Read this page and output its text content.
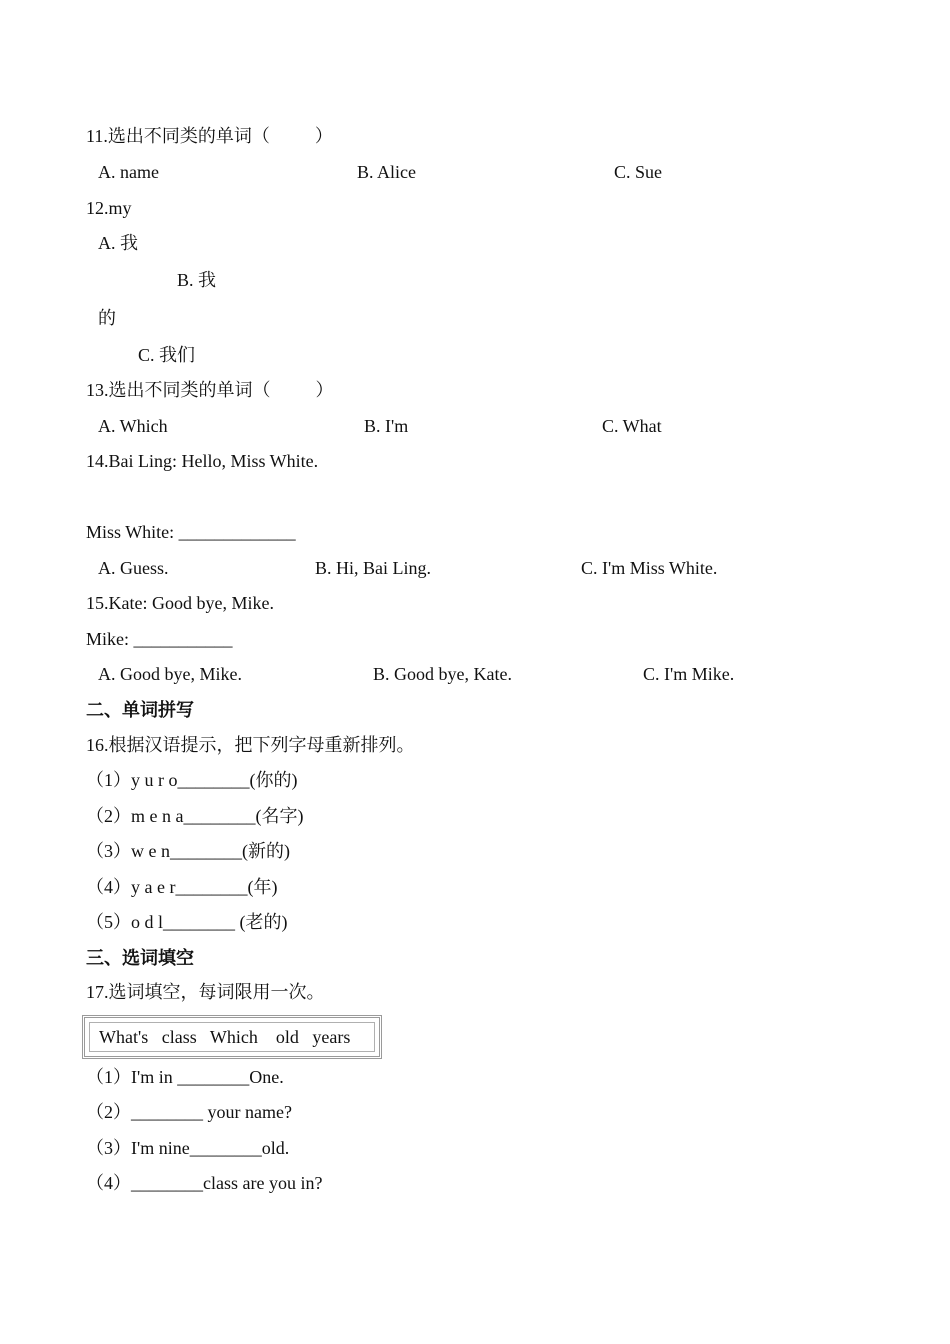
11.选出不同类的单词（          ）
A. name	B. Alice	C. Sue
12.my
A. 我
B. 我
的
C. 我们
13.选出不同类的单词（          ）
A. Which	B. I'm	C. What
14.Bai Ling: Hello, Miss White.
Miss White: _____________
A. Guess.	B. Hi, Bai Ling.	C. I'm Miss White.
15.Kate: Good bye, Mike.
Mike: ___________
A. Good bye, Mike.	B. Good bye, Kate.	C. I'm Mike.
二、单词拼写
16.根据汉语提示，把下列字母重新排列。
（1）y u r o________(你的)
（2）m e n a________(名字)
（3）w e n________(新的)
（4）y a e r________(年)
（5）o d l________ (老的)
三、选词填空
17.选词填空，每词限用一次。
What's   class   Which    old   years
（1）I'm in ________One.
（2）________ your name?
（3）I'm nine________old.
（4）________class are you in?
